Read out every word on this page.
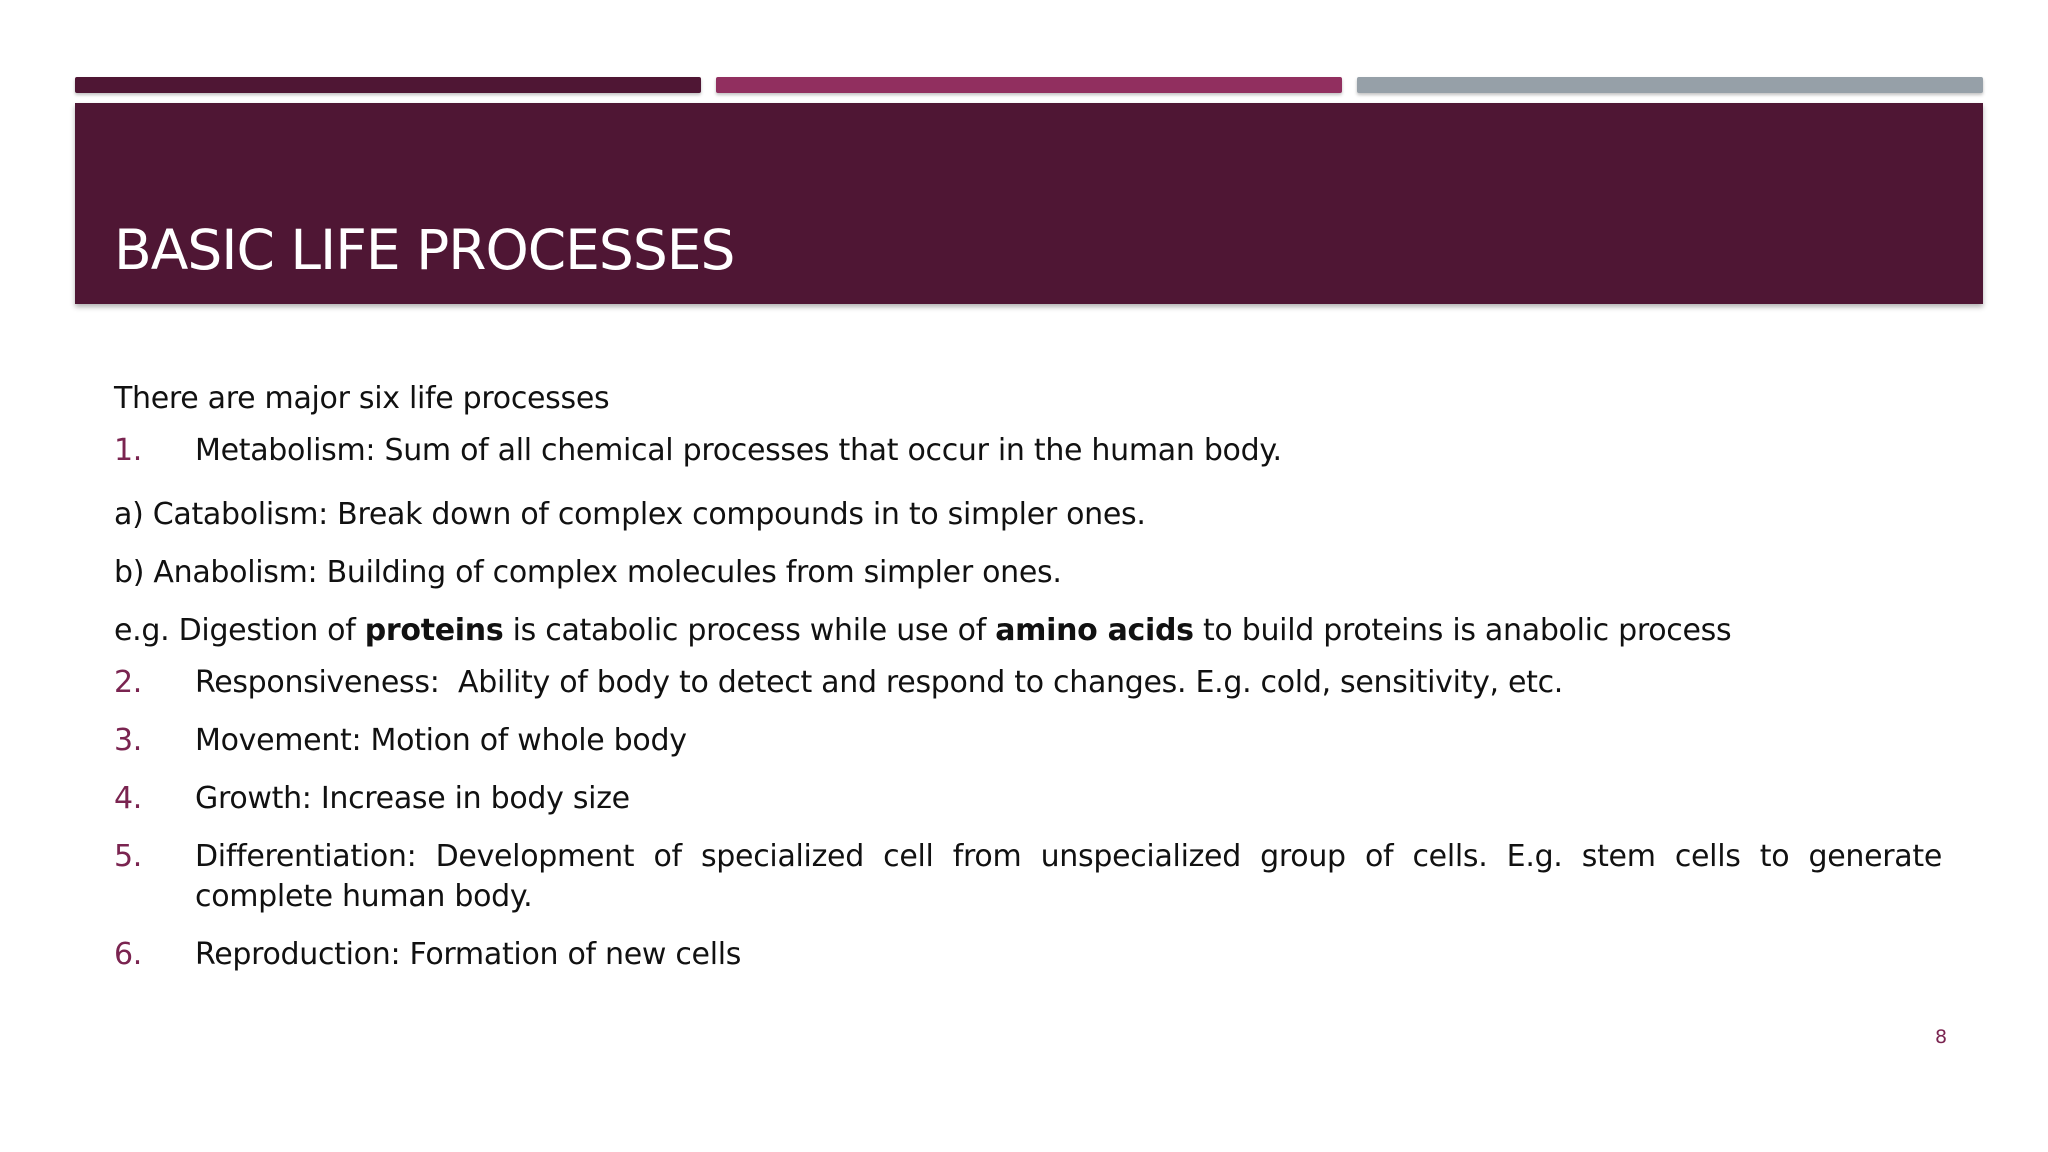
BASIC LIFE PROCESSES
There are major six life processes
1. Metabolism: Sum of all chemical processes that occur in the human body.
a) Catabolism: Break down of complex compounds in to simpler ones.
b) Anabolism: Building of complex molecules from simpler ones.
e.g. Digestion of proteins is catabolic process while use of amino acids to build proteins is anabolic process
2. Responsiveness:  Ability of body to detect and respond to changes. E.g. cold, sensitivity, etc.
3. Movement: Motion of whole body
4. Growth: Increase in body size
5. Differentiation: Development of specialized cell from unspecialized group of cells. E.g. stem cells to generate complete human body.
6. Reproduction: Formation of new cells
8
